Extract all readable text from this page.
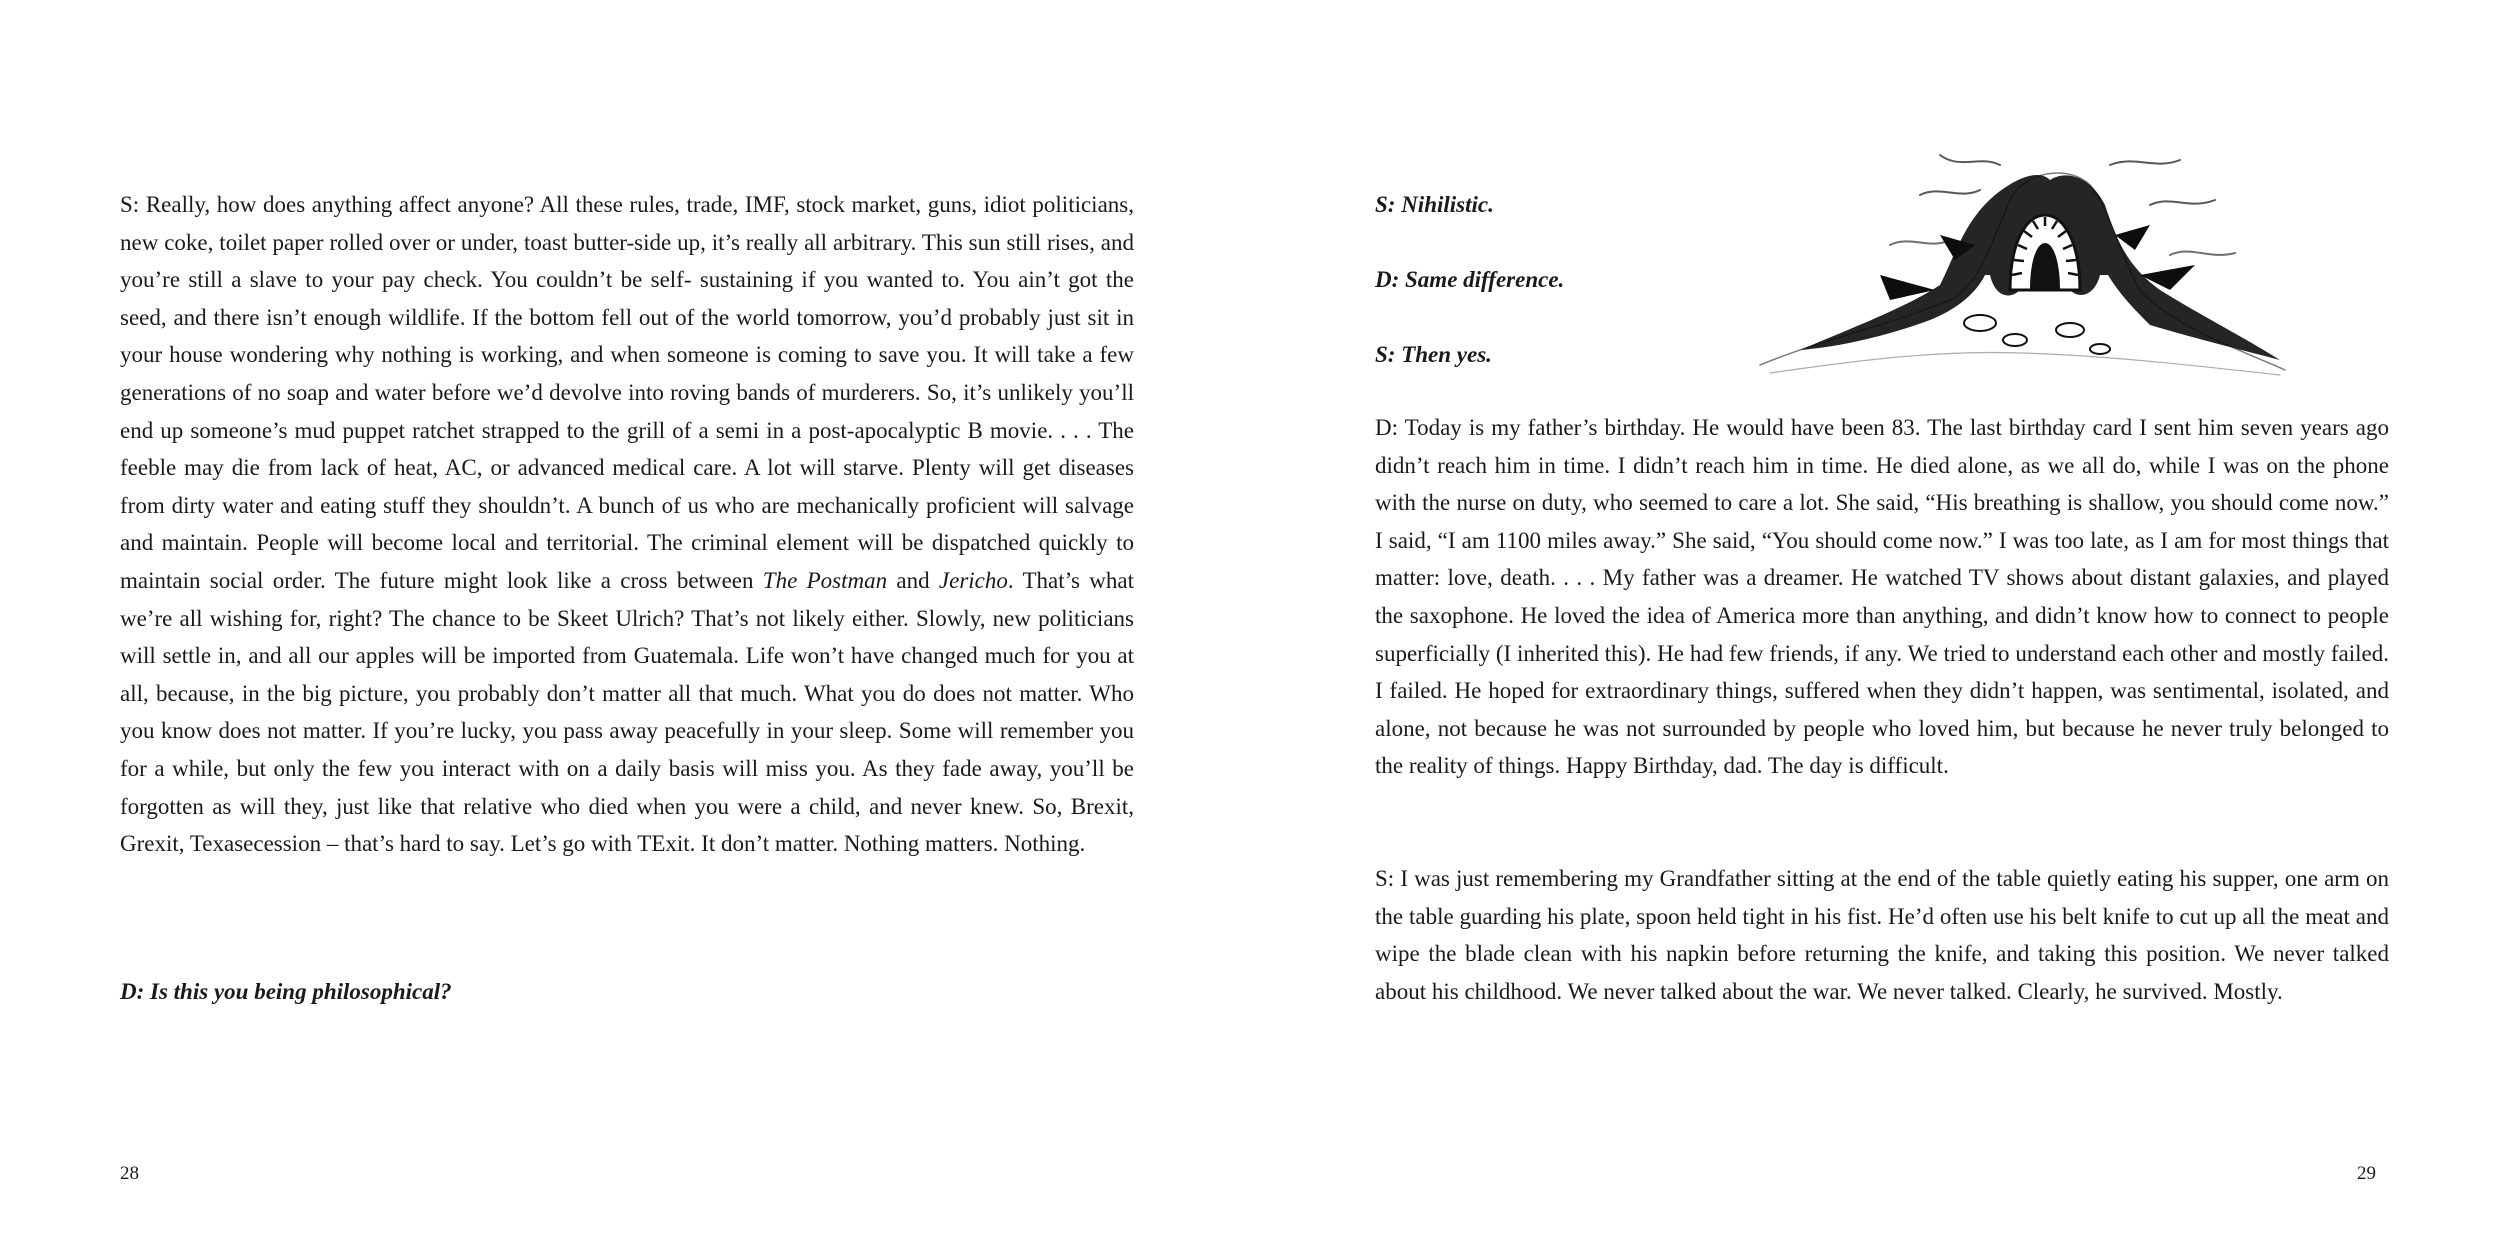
S: Really, how does anything affect anyone? All these rules, trade, IMF, stock market, guns, idiot politicians, new coke, toilet paper rolled over or under, toast butter-side up, it’s really all arbitrary. This sun still rises, and you’re still a slave to your pay check. You couldn’t be self- sustaining if you wanted to. You ain’t got the seed, and there isn’t enough wildlife. If the bottom fell out of the world tomorrow, you’d probably just sit in your house wondering why nothing is working, and when someone is coming to save you. It will take a few generations of no soap and water before we’d devolve into roving bands of murderers. So, it’s unlikely you’ll end up someone’s mud puppet ratchet strapped to the grill of a semi in a post-apocalyptic B movie. . . . The feeble may die from lack of heat, AC, or advanced medical care. A lot will starve. Plenty will get diseases from dirty water and eating stuff they shouldn’t. A bunch of us who are mechanically proficient will salvage and maintain. People will become local and territorial. The criminal element will be dispatched quickly to maintain social order. The future might look like a cross between The Postman and Jericho. That’s what we’re all wishing for, right? The chance to be Skeet Ulrich? That’s not likely either. Slowly, new politicians will settle in, and all our apples will be imported from Guatemala. Life won’t have changed much for you at all, because, in the big picture, you probably don’t matter all that much. What you do does not matter. Who you know does not matter. If you’re lucky, you pass away peacefully in your sleep. Some will remember you for a while, but only the few you interact with on a daily basis will miss you. As they fade away, you’ll be forgotten as will they, just like that relative who died when you were a child, and never knew. So, Brexit, Grexit, Texasecession – that’s hard to say. Let’s go with TExit. It don’t matter. Nothing matters. Nothing.

D: Is this you being philosophical?

28

S: Nihilistic.

D: Same difference.

S: Then yes.

D: Today is my father’s birthday. He would have been 83. The last birthday card I sent him seven years ago didn’t reach him in time. I didn’t reach him in time. He died alone, as we all do, while I was on the phone with the nurse on duty, who seemed to care a lot. She said, “His breathing is shallow, you should come now.” I said, “I am 1100 miles away.” She said, “You should come now.” I was too late, as I am for most things that matter: love, death. . . . My father was a dreamer. He watched TV shows about distant galaxies, and played the saxophone. He loved the idea of America more than anything, and didn’t know how to connect to people superficially (I inherited this). He had few friends, if any. We tried to understand each other and mostly failed. I failed. He hoped for extraordinary things, suffered when they didn’t happen, was sentimental, isolated, and alone, not because he was not surrounded by people who loved him, but because he never truly belonged to the reality of things. Happy Birthday, dad. The day is difficult.

S: I was just remembering my Grandfather sitting at the end of the table quietly eating his supper, one arm on the table guarding his plate, spoon held tight in his fist. He’d often use his belt knife to cut up all the meat and wipe the blade clean with his napkin before returning the knife, and taking this position. We never talked about his childhood. We never talked about the war. We never talked. Clearly, he survived. Mostly.

29
